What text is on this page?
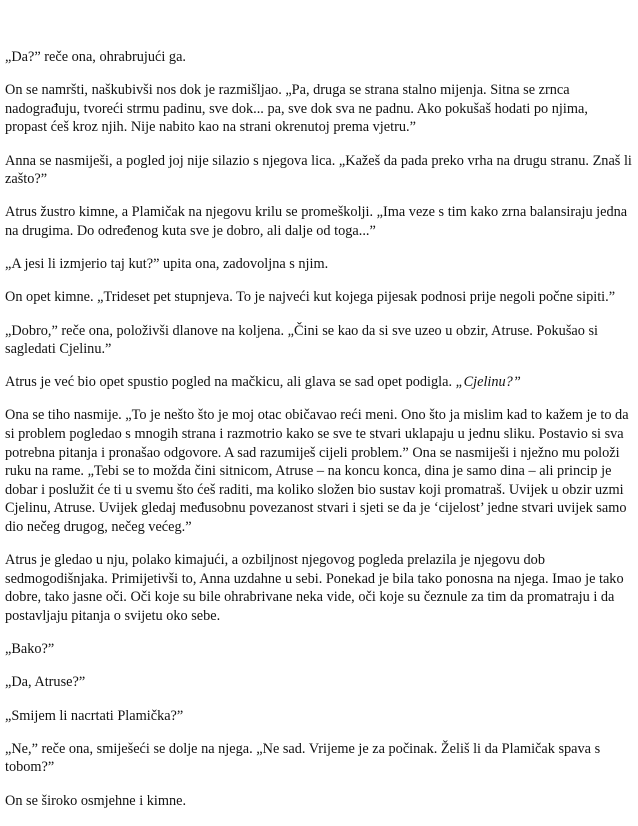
„Da?” reče ona, ohrabrujući ga.

On se namršti, naškubivši nos dok je razmišljao. „Pa, druga se strana stalno mijenja. Sitna se zrnca nadograđuju, tvoreći strmu padinu, sve dok... pa, sve dok sva ne padnu. Ako pokušaš hodati po njima, propast ćeš kroz njih. Nije nabito kao na strani okrenutoj prema vjetru.”

Anna se nasmiješi, a pogled joj nije silazio s njegova lica. „Kažeš da pada preko vrha na drugu stranu. Znaš li zašto?”

Atrus žustro kimne, a Plamičak na njegovu krilu se promeškolji. „Ima veze s tim kako zrna balansiraju jedna na drugima. Do određenog kuta sve je dobro, ali dalje od toga...”

„A jesi li izmjerio taj kut?” upita ona, zadovoljna s njim.

On opet kimne. „Trideset pet stupnjeva. To je najveći kut kojega pijesak podnosi prije negoli počne sipiti.”

„Dobro,” reče ona, položivši dlanove na koljena. „Čini se kao da si sve uzeo u obzir, Atruse. Pokušao si sagledati Cjelinu.”

Atrus je već bio opet spustio pogled na mačkicu, ali glava se sad opet podigla. „Cjelinu?”

Ona se tiho nasmije. „To je nešto što je moj otac običavao reći meni. Ono što ja mislim kad to kažem je to da si problem pogledao s mnogih strana i razmotrio kako se sve te stvari uklapaju u jednu sliku. Postavio si sva potrebna pitanja i pronašao odgovore. A sad razumiješ cijeli problem.” Ona se nasmiješi i nježno mu položi ruku na rame. „Tebi se to možda čini sitnicom, Atruse – na koncu konca, dina je samo dina – ali princip je dobar i poslužit će ti u svemu što ćeš raditi, ma koliko složen bio sustav koji promatraš. Uvijek u obzir uzmi Cjelinu, Atruse. Uvijek gledaj međusobnu povezanost stvari i sjeti se da je ‘cijelost’ jedne stvari uvijek samo dio nečeg drugog, nečeg većeg.”

Atrus je gledao u nju, polako kimajući, a ozbiljnost njegovog pogleda prelazila je njegovu dob sedmogodišnjaka. Primijetivši to, Anna uzdahne u sebi. Ponekad je bila tako ponosna na njega. Imao je tako dobre, tako jasne oči. Oči koje su bile ohrabrivane neka vide, oči koje su čeznule za tim da promatraju i da postavljaju pitanja o svijetu oko sebe.

„Bako?”

„Da, Atruse?”

„Smijem li nacrtati Plamička?”

„Ne,” reče ona, smiješeći se dolje na njega. „Ne sad. Vrijeme je za počinak. Želiš li da Plamičak spava s tobom?”

On se široko osmjehne i kimne.
